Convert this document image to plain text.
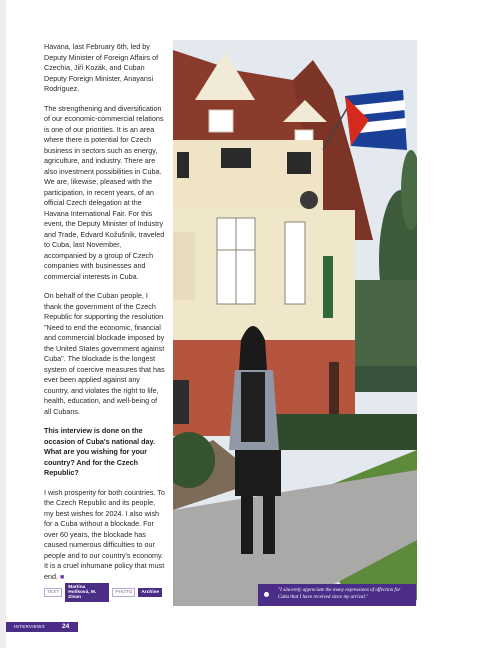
Havana, last February 6th, led by Deputy Minister of Foreign Affairs of Czechia, Jiří Kozák, and Cuban Deputy Foreign Minister, Anayansi Rodríguez.

The strengthening and diversification of our economic-commercial relations is one of our priorities. It is an area where there is potential for Czech business in sectors such as energy, agriculture, and industry. There are also investment possibilities in Cuba. We are, likewise, pleased with the participation, in recent years, of an official Czech delegation at the Havana International Fair. For this event, the Deputy Minister of Industry and Trade, Edvard Kožušník, traveled to Cuba, last November, accompanied by a group of Czech companies with businesses and commercial interests in Cuba.

On behalf of the Cuban people, I thank the government of the Czech Republic for supporting the resolution "Need to end the economic, financial and commercial blockade imposed by the United States government against Cuba". The blockade is the longest system of coercive measures that has ever been applied against any country, and violates the right to life, health, education, and well-being of all Cubans.

This interview is done on the occasion of Cuba's national day. What are you wishing for your country? And for the Czech Republic?

I wish prosperity for both countries. To the Czech Republic and its people, my best wishes for 2024. I also wish for a Cuba without a blockade. For over 60 years, the blockade has caused numerous difficulties to our people and to our country's economy. It is a cruel inhumane policy that must end. ■

TEXT
Martina Hošková, M. Zinan
PHOTO	Archive	"I sincerely appreciate the many expressions of affection for Cuba that I have received since my arrival."
INTERVIEWS	24
